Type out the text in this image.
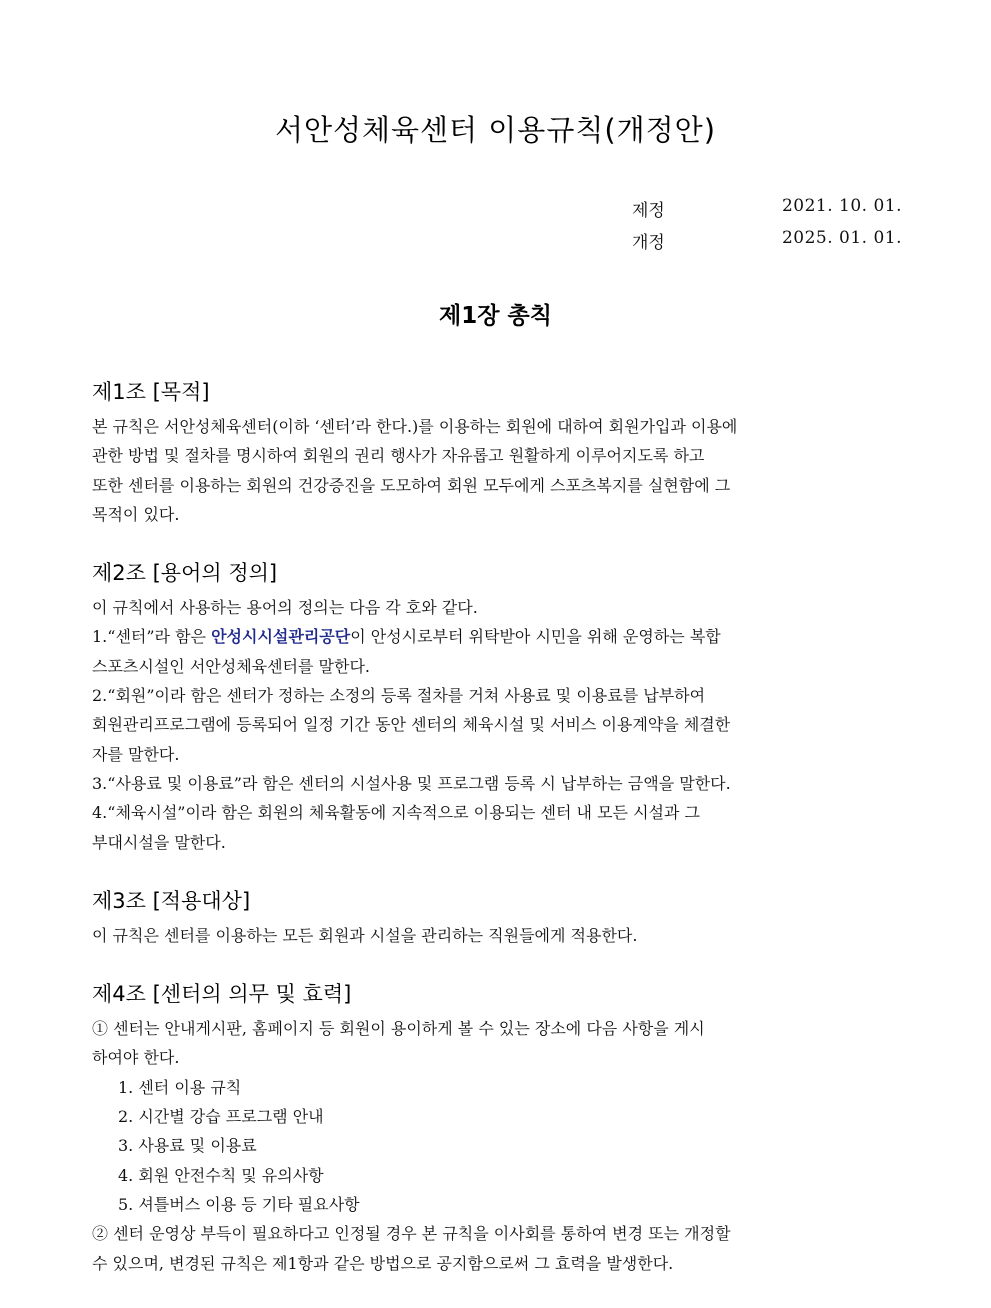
서안성체육센터 이용규칙(개정안)
제정	2021. 10. 01.
개정	2025. 01. 01.
제1장 총칙
제1조 [목적]
본 규칙은 서안성체육센터(이하 ‘센터’라 한다.)를 이용하는 회원에 대하여 회원가입과 이용에
관한 방법 및 절차를 명시하여 회원의 권리 행사가 자유롭고 원활하게 이루어지도록 하고
또한 센터를 이용하는 회원의 건강증진을 도모하여 회원 모두에게 스포츠복지를 실현함에 그
목적이 있다.
제2조 [용어의 정의]
이 규칙에서 사용하는 용어의 정의는 다음 각 호와 같다.
1.“센터”라 함은 안성시시설관리공단이 안성시로부터 위탁받아 시민을 위해 운영하는 복합
스포츠시설인 서안성체육센터를 말한다.
2.“회원”이라 함은 센터가 정하는 소정의 등록 절차를 거쳐 사용료 및 이용료를 납부하여
회원관리프로그램에 등록되어 일정 기간 동안 센터의 체육시설 및 서비스 이용계약을 체결한
자를 말한다.
3.“사용료 및 이용료”라 함은 센터의 시설사용 및 프로그램 등록 시 납부하는 금액을 말한다.
4.“체육시설”이라 함은 회원의 체육활동에 지속적으로 이용되는 센터 내 모든 시설과 그
부대시설을 말한다.
제3조 [적용대상]
이 규칙은 센터를 이용하는 모든 회원과 시설을 관리하는 직원들에게 적용한다.
제4조 [센터의 의무 및 효력]
① 센터는 안내게시판, 홈페이지 등 회원이 용이하게 볼 수 있는 장소에 다음 사항을 게시
하여야 한다.
1. 센터 이용 규칙
2. 시간별 강습 프로그램 안내
3. 사용료 및 이용료
4. 회원 안전수칙 및 유의사항
5. 셔틀버스 이용 등 기타 필요사항
② 센터 운영상 부득이 필요하다고 인정될 경우 본 규칙을 이사회를 통하여 변경 또는 개정할
수 있으며, 변경된 규칙은 제1항과 같은 방법으로 공지함으로써 그 효력을 발생한다.
